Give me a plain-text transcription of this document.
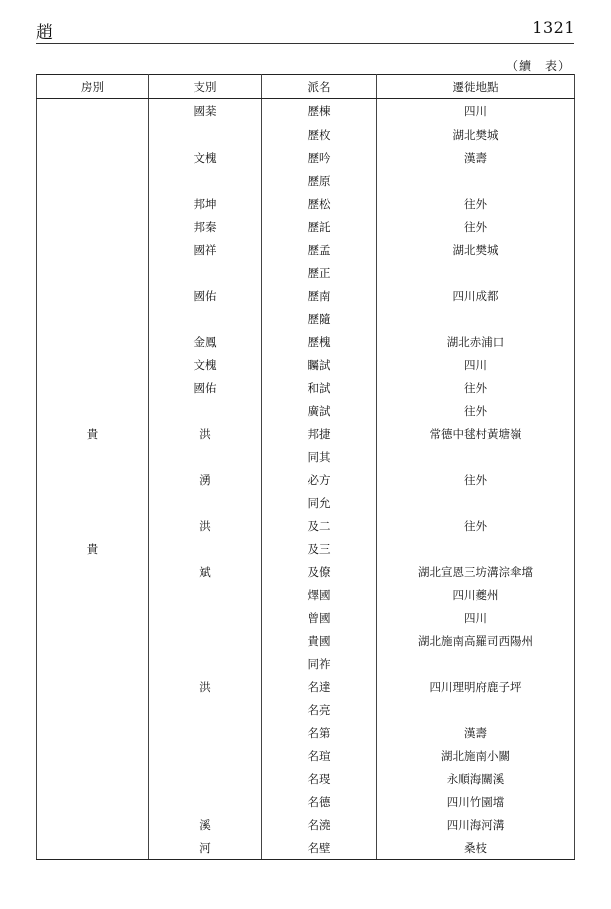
趙	1321
（續　表）
房別	支別	派名	遷徙地點
	國棻	歷棟	四川
		歷枚	湖北樊城
	文槐	歷吟	漢壽
		歷原	
	邦坤	歷松	往外
	邦秦	歷託	往外
	國祥	歷孟	湖北樊城
		歷正	
	國佑	歷南	四川成都
		歷隨	
	金鳳	歷槐	湖北赤浦口
	文槐	矚試	四川
	國佑	和試	往外
		廣試	往外
貴	洪	邦捷	常德中毬村黃塘嶺
		同其	
	湧	必方	往外
		同允	
	洪	及二	往外
貴		及三	
	斌	及僚	湖北宣恩三坊溝淙傘壋
		燡國	四川夔州
		曾國	四川
		貴國	湖北施南高羅司西陽州
		同祚	
	洪	名達	四川理明府鹿子坪
		名亮	
		名第	漢壽
		名瑄	湖北施南小關
		名琝	永順海關溪
		名德	四川竹園壋
	溪	名澆	四川海河溝
	河	名壁	桑枝
